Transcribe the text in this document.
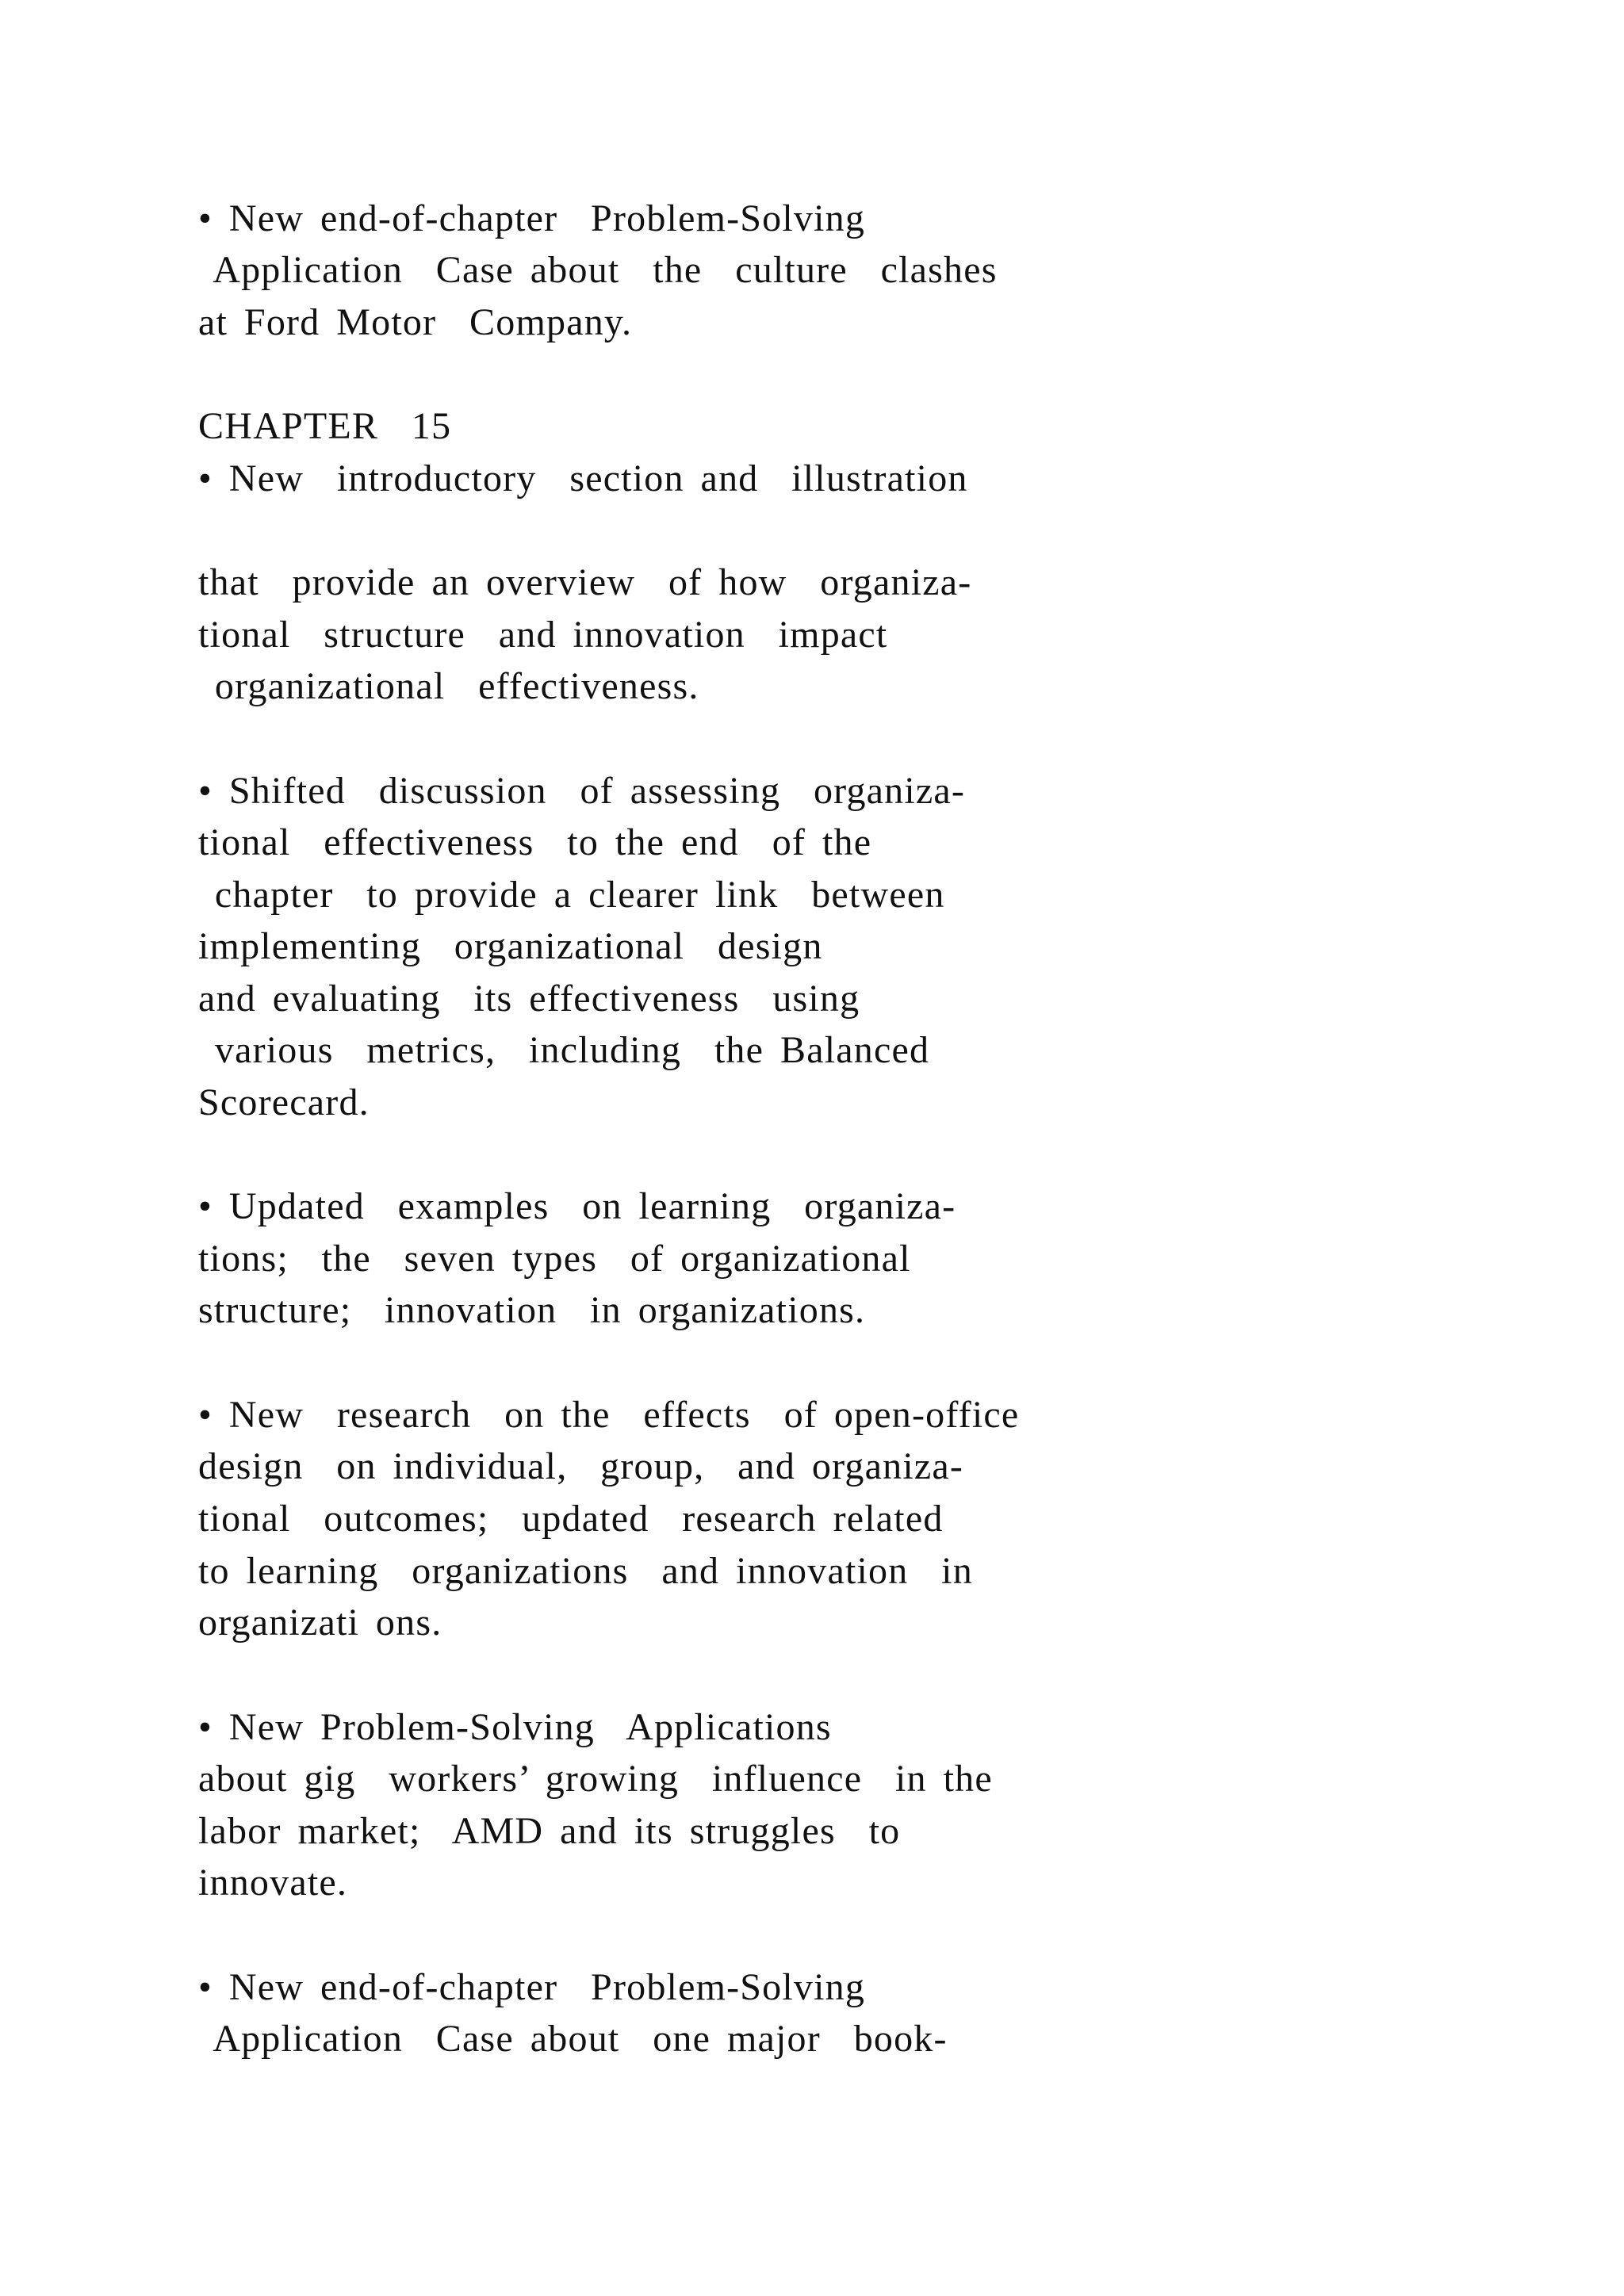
• New end-of-chapter  Problem-Solving

Application  Case about  the  culture  clashes

at Ford Motor  Company.

CHAPTER  15

• New  introductory  section and  illustration

that  provide an overview  of how  organiza-

tional  structure  and innovation  impact

organizational  effectiveness.

• Shifted  discussion  of assessing  organiza-

tional  effectiveness  to the end  of the

chapter  to provide a clearer link  between

implementing  organizational  design

and evaluating  its effectiveness  using

various  metrics,  including  the Balanced

Scorecard.

• Updated  examples  on learning  organiza-

tions;  the  seven types  of organizational

structure;  innovation  in organizations.

• New  research  on the  effects  of open-office

design  on individual,  group,  and organiza-

tional  outcomes;  updated  research related

to learning  organizations  and innovation  in

organizati ons.

• New Problem-Solving  Applications

about gig  workers’ growing  influence  in the

labor market;  AMD and its struggles  to

innovate.

• New end-of-chapter  Problem-Solving

Application  Case about  one major  book-
